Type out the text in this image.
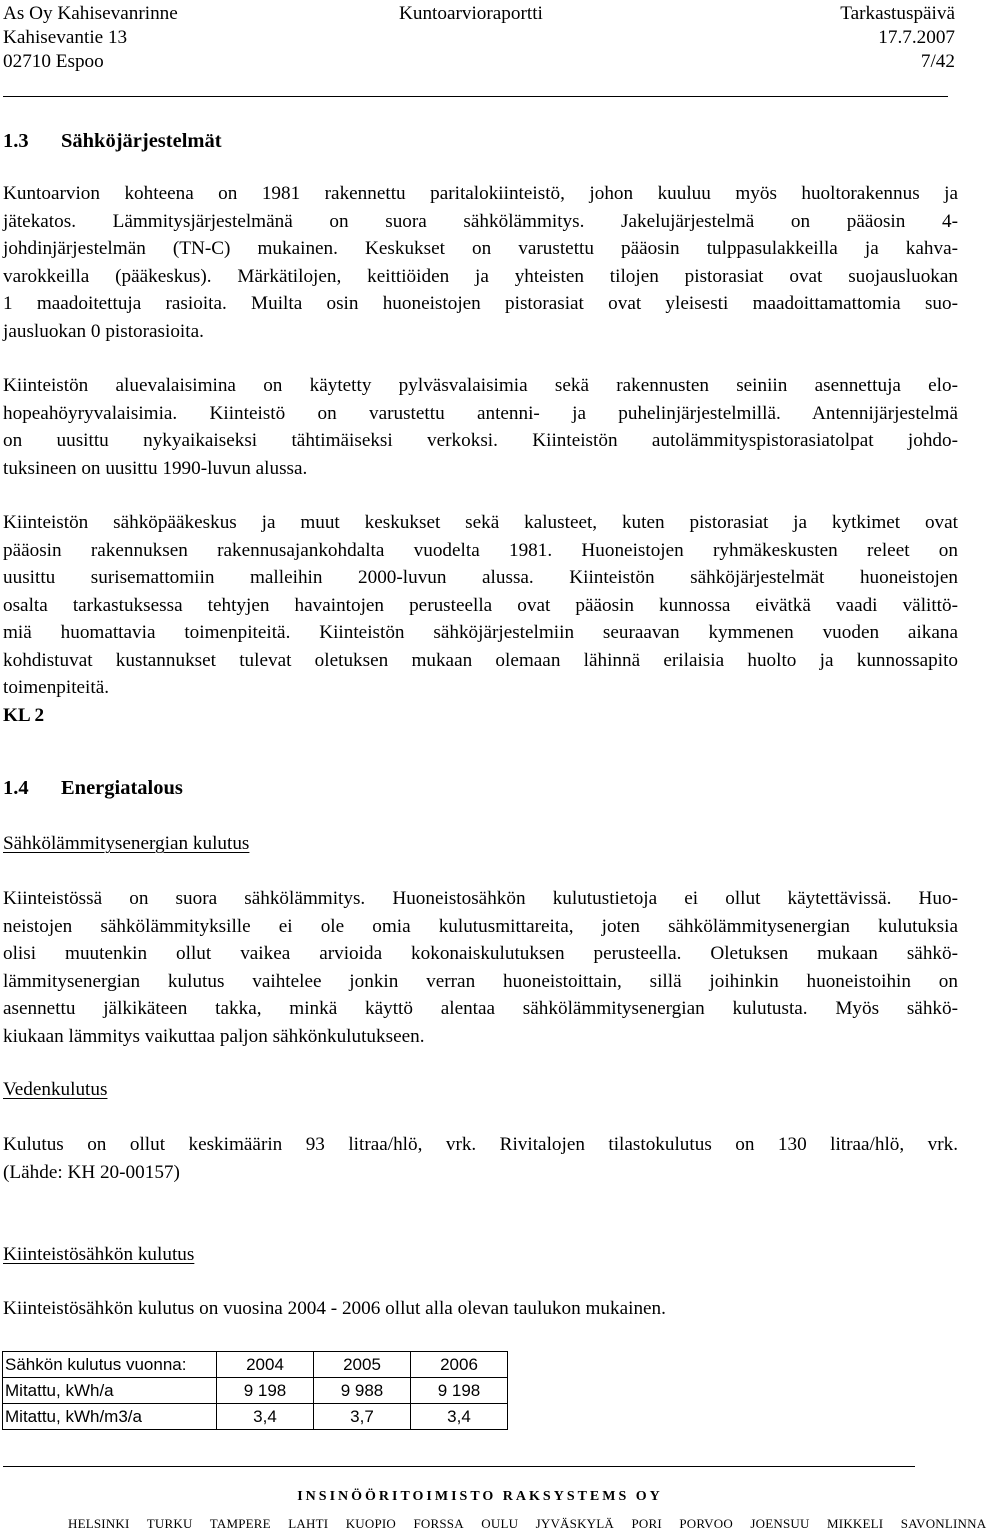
As Oy Kahisevanrinne	Kuntoarvioraportti	Tarkastuspäivä
Kahisevantie 13	17.7.2007
02710 Espoo	7/42
1.3 Sähköjärjestelmät
Kuntoarvion kohteena on 1981 rakennettu paritalokiinteistö, johon kuuluu myös huoltorakennus ja
jätekatos. Lämmitysjärjestelmänä on suora sähkölämmitys. Jakelujärjestelmä on pääosin 4-
johdinjärjestelmän (TN-C) mukainen. Keskukset on varustettu pääosin tulppasulakkeilla ja kahva-
varokkeilla (pääkeskus). Märkätilojen, keittiöiden ja yhteisten tilojen pistorasiat ovat suojausluokan
1 maadoitettuja rasioita. Muilta osin huoneistojen pistorasiat ovat yleisesti maadoittamattomia suo-
jausluokan 0 pistorasioita.
Kiinteistön aluevalaisimina on käytetty pylväsvalaisimia sekä rakennusten seiniin asennettuja elo-
hopeahöyryvalaisimia. Kiinteistö on varustettu antenni- ja puhelinjärjestelmillä. Antennijärjestelmä
on uusittu nykyaikaiseksi tähtimäiseksi verkoksi. Kiinteistön autolämmityspistorasiatolpat johdo-
tuksineen on uusittu 1990-luvun alussa.
Kiinteistön sähköpääkeskus ja muut keskukset sekä kalusteet, kuten pistorasiat ja kytkimet ovat
pääosin rakennuksen rakennusajankohdalta vuodelta 1981. Huoneistojen ryhmäkeskusten releet on
uusittu surisemattomiin malleihin 2000-luvun alussa. Kiinteistön sähköjärjestelmät huoneistojen
osalta tarkastuksessa tehtyjen havaintojen perusteella ovat pääosin kunnossa eivätkä vaadi välittö-
miä huomattavia toimenpiteitä. Kiinteistön sähköjärjestelmiin seuraavan kymmenen vuoden aikana
kohdistuvat kustannukset tulevat oletuksen mukaan olemaan lähinnä erilaisia huolto ja kunnossapito
toimenpiteitä.
KL 2
1.4 Energiatalous
Sähkölämmitysenergian kulutus
Kiinteistössä on suora sähkölämmitys. Huoneistosähkön kulutustietoja ei ollut käytettävissä. Huo-
neistojen sähkölämmityksille ei ole omia kulutusmittareita, joten sähkölämmitysenergian kulutuksia
olisi muutenkin ollut vaikea arvioida kokonaiskulutuksen perusteella. Oletuksen mukaan sähkö-
lämmitysenergian kulutus vaihtelee jonkin verran huoneistoittain, sillä joihinkin huoneistoihin on
asennettu jälkikäteen takka, minkä käyttö alentaa sähkölämmitysenergian kulutusta. Myös sähkö-
kiukaan lämmitys vaikuttaa paljon sähkönkulutukseen.
Vedenkulutus
Kulutus on ollut keskimäärin 93 litraa/hlö, vrk. Rivitalojen tilastokulutus on 130 litraa/hlö, vrk.
(Lähde: KH 20-00157)
Kiinteistösähkön kulutus
Kiinteistösähkön kulutus on vuosina 2004 - 2006 ollut alla olevan taulukon mukainen.
Sähkön kulutus vuonna:	2004	2005	2006
Mitattu, kWh/a	9 198	9 988	9 198
Mitattu, kWh/m3/a	3,4	3,7	3,4
INSINÖÖRITOIMISTO RAKSYSTEMS OY
HELSINKI TURKU TAMPERE LAHTI KUOPIO FORSSA OULU JYVÄSKYLÄ PORI PORVOO JOENSUU MIKKELI SAVONLINNA
